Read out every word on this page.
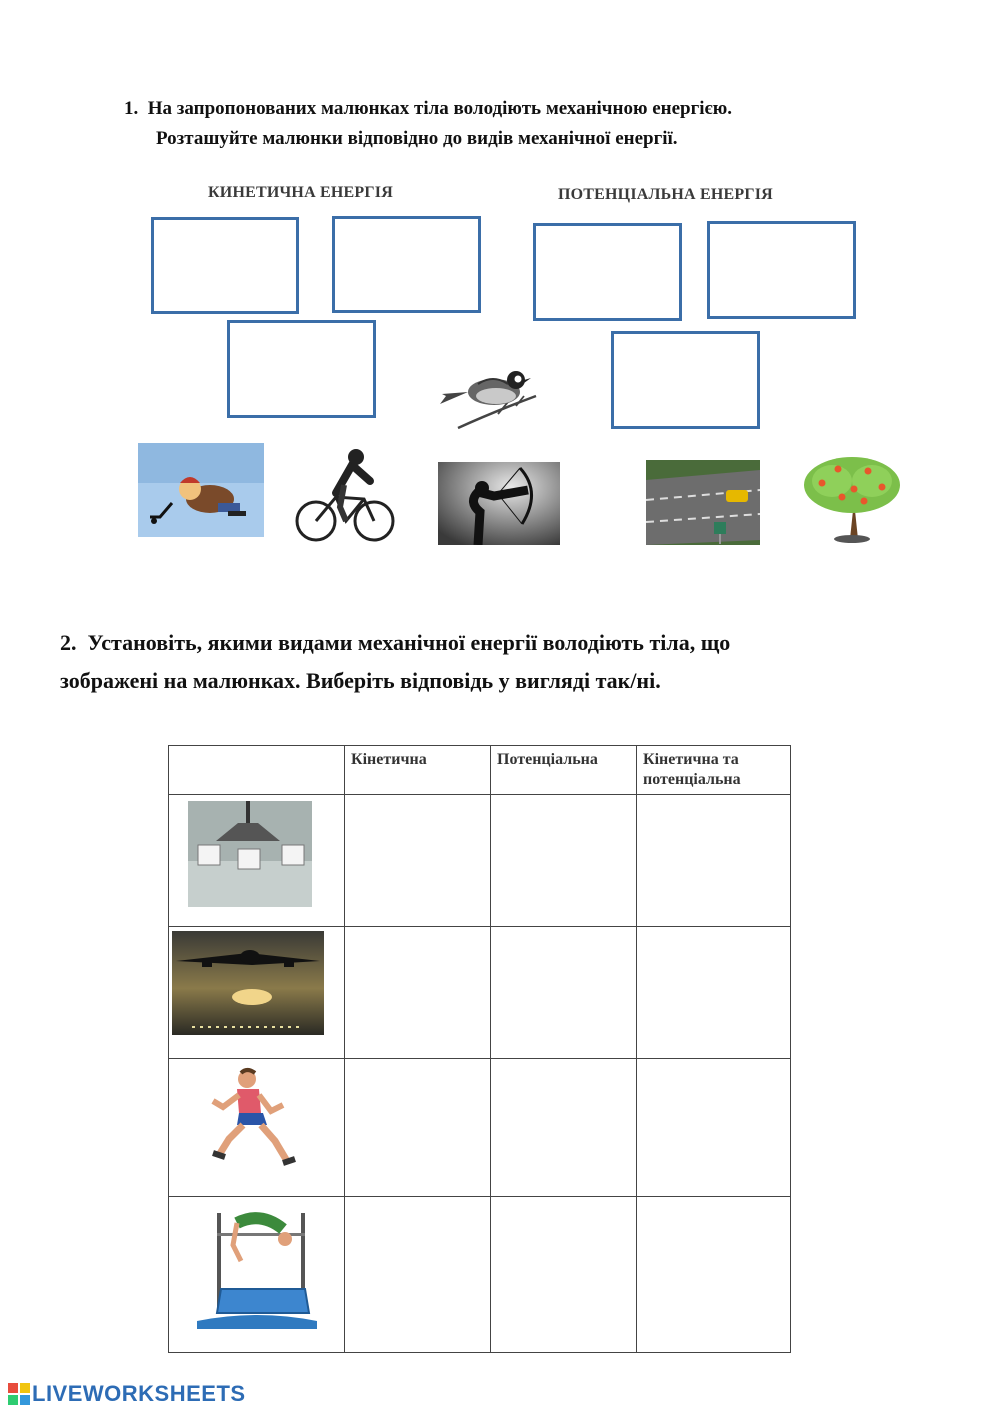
1. На запропонованих малюнках тіла володіють механічною енергією.
Розташуйте малюнки відповідно до видів механічної енергії.
КИНЕТИЧНА ЕНЕРГІЯ	ПОТЕНЦІАЛЬНА ЕНЕРГІЯ
2. Установіть, якими видами механічної енергії володіють тіла, що
зображені на малюнках. Виберіть відповідь у вигляді так/ні.
	Кінетична	Потенціальна	Кінетична та потенціальна

LIVEWORKSHEETS
